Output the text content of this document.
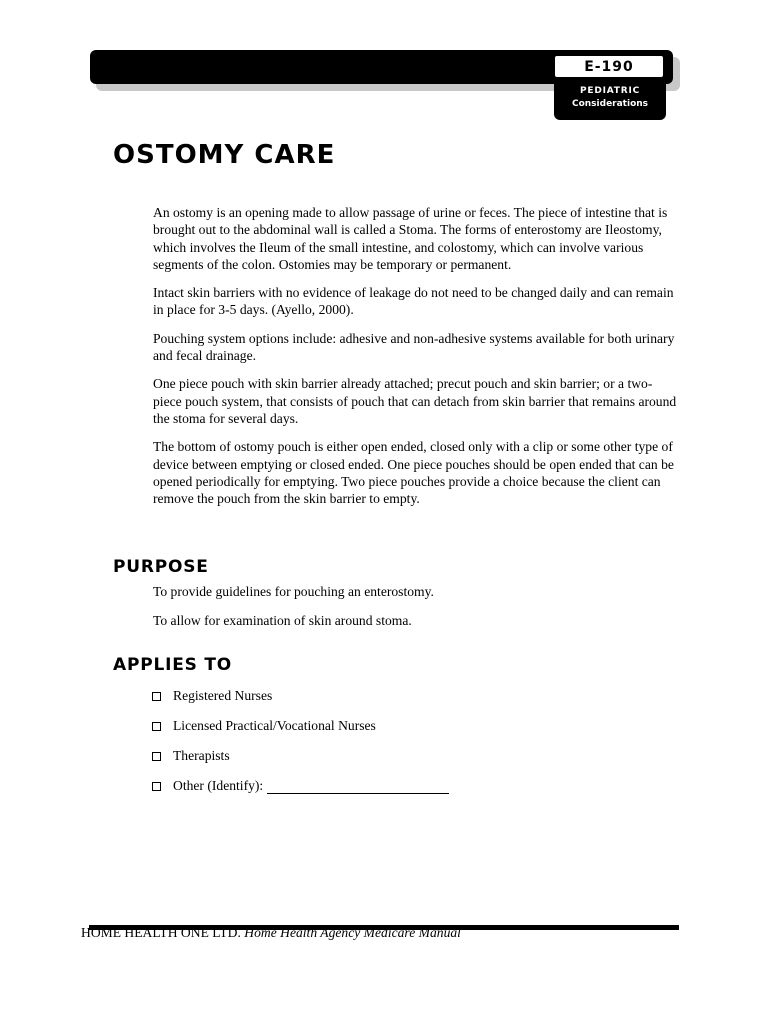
E-190
PEDIATRIC
Considerations
OSTOMY CARE

An ostomy is an opening made to allow passage of urine or feces. The piece of intestine that is brought out to the abdominal wall is called a Stoma. The forms of enterostomy are Ileostomy, which involves the Ileum of the small intestine, and colostomy, which can involve various segments of the colon. Ostomies may be temporary or permanent.

Intact skin barriers with no evidence of leakage do not need to be changed daily and can remain in place for 3-5 days. (Ayello, 2000).

Pouching system options include: adhesive and non-adhesive systems available for both urinary and fecal drainage.

One piece pouch with skin barrier already attached; precut pouch and skin barrier; or a two-piece pouch system, that consists of pouch that can detach from skin barrier that remains around the stoma for several days.

The bottom of ostomy pouch is either open ended, closed only with a clip or some other type of device between emptying or closed ended. One piece pouches should be open ended that can be opened periodically for emptying. Two piece pouches provide a choice because the client can remove the pouch from the skin barrier to empty.

PURPOSE

To provide guidelines for pouching an enterostomy.

To allow for examination of skin around stoma.

APPLIES TO
Registered Nurses
Licensed Practical/Vocational Nurses
Therapists
Other (Identify):
HOME HEALTH ONE LTD. Home Health Agency Medicare Manual
